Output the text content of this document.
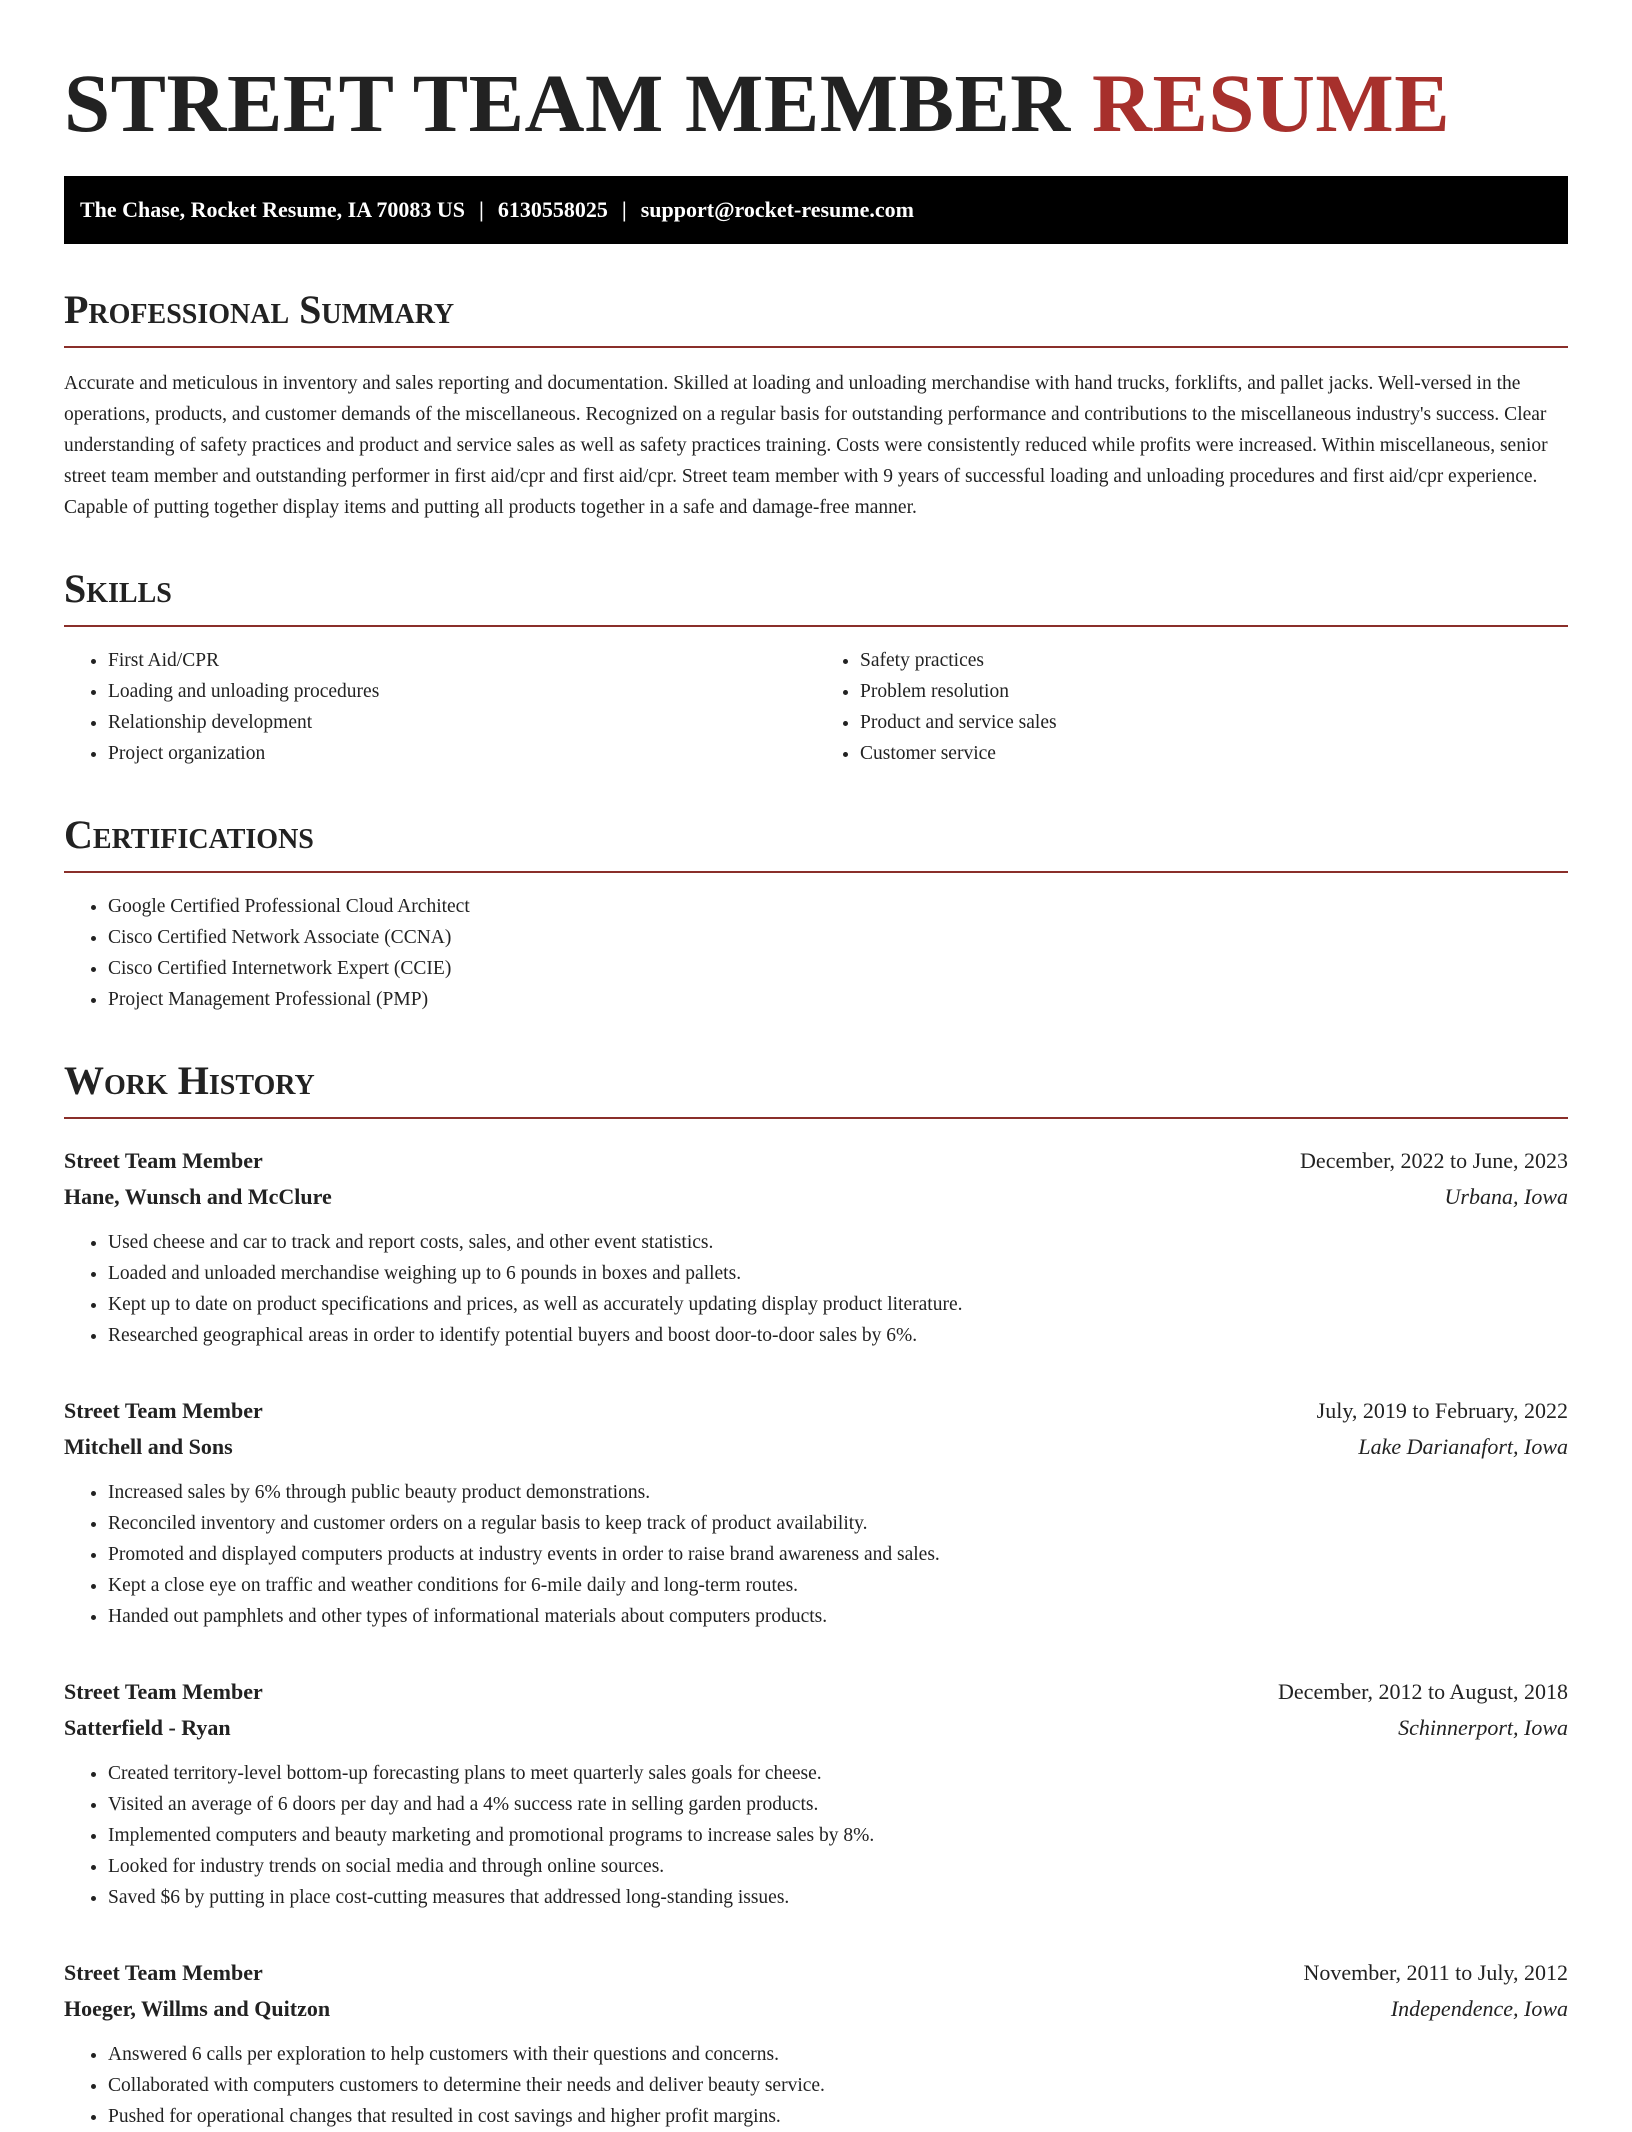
STREET TEAM MEMBER RESUME
The Chase, Rocket Resume, IA 70083 US | 6130558025 | support@rocket-resume.com
Professional Summary

Accurate and meticulous in inventory and sales reporting and documentation. Skilled at loading and unloading merchandise with hand trucks, forklifts, and pallet jacks. Well-versed in the operations, products, and customer demands of the miscellaneous. Recognized on a regular basis for outstanding performance and contributions to the miscellaneous industry's success. Clear understanding of safety practices and product and service sales as well as safety practices training. Costs were consistently reduced while profits were increased. Within miscellaneous, senior street team member and outstanding performer in first aid/cpr and first aid/cpr. Street team member with 9 years of successful loading and unloading procedures and first aid/cpr experience. Capable of putting together display items and putting all products together in a safe and damage-free manner.

Skills
• First Aid/CPR
• Loading and unloading procedures
• Relationship development
• Project organization
• Safety practices
• Problem resolution
• Product and service sales
• Customer service
Certifications
• Google Certified Professional Cloud Architect
• Cisco Certified Network Associate (CCNA)
• Cisco Certified Internetwork Expert (CCIE)
• Project Management Professional (PMP)
Work History
Street Team Member	December, 2022 to June, 2023
Hane, Wunsch and McClure	Urbana, Iowa
• Used cheese and car to track and report costs, sales, and other event statistics.
• Loaded and unloaded merchandise weighing up to 6 pounds in boxes and pallets.
• Kept up to date on product specifications and prices, as well as accurately updating display product literature.
• Researched geographical areas in order to identify potential buyers and boost door-to-door sales by 6%.
Street Team Member	July, 2019 to February, 2022
Mitchell and Sons	Lake Darianafort, Iowa
• Increased sales by 6% through public beauty product demonstrations.
• Reconciled inventory and customer orders on a regular basis to keep track of product availability.
• Promoted and displayed computers products at industry events in order to raise brand awareness and sales.
• Kept a close eye on traffic and weather conditions for 6-mile daily and long-term routes.
• Handed out pamphlets and other types of informational materials about computers products.
Street Team Member	December, 2012 to August, 2018
Satterfield - Ryan	Schinnerport, Iowa
• Created territory-level bottom-up forecasting plans to meet quarterly sales goals for cheese.
• Visited an average of 6 doors per day and had a 4% success rate in selling garden products.
• Implemented computers and beauty marketing and promotional programs to increase sales by 8%.
• Looked for industry trends on social media and through online sources.
• Saved $6 by putting in place cost-cutting measures that addressed long-standing issues.
Street Team Member	November, 2011 to July, 2012
Hoeger, Willms and Quitzon	Independence, Iowa
• Answered 6 calls per exploration to help customers with their questions and concerns.
• Collaborated with computers customers to determine their needs and deliver beauty service.
• Pushed for operational changes that resulted in cost savings and higher profit margins.
